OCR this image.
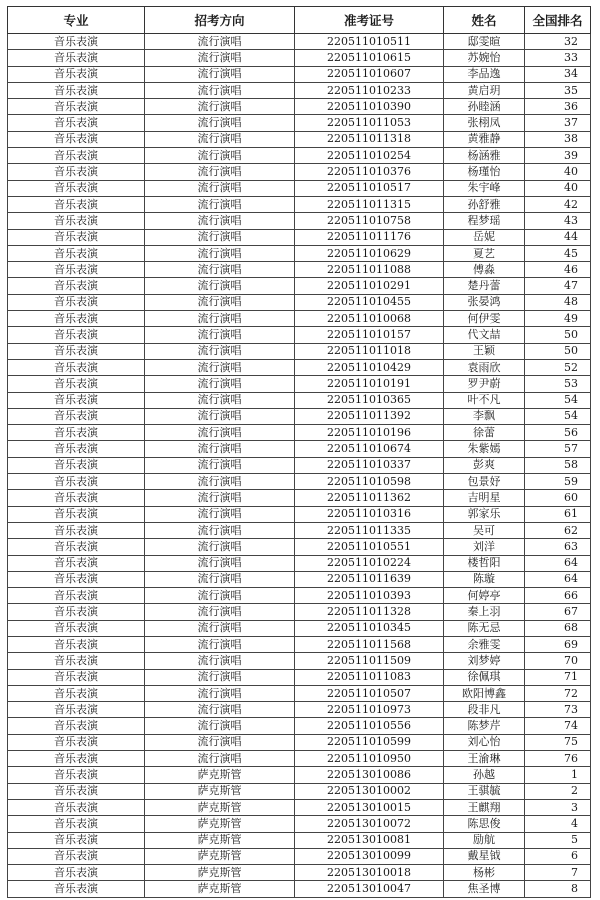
专业	招考方向	准考证号	姓名	全国排名
音乐表演	流行演唱	220511010511	邸雯暄	32
音乐表演	流行演唱	220511010615	苏婉怡	33
音乐表演	流行演唱	220511010607	李品逸	34
音乐表演	流行演唱	220511010233	黄启玥	35
音乐表演	流行演唱	220511010390	孙睦涵	36
音乐表演	流行演唱	220511011053	张栩凤	37
音乐表演	流行演唱	220511011318	黄雅静	38
音乐表演	流行演唱	220511010254	杨涵雅	39
音乐表演	流行演唱	220511010376	杨瑾怡	40
音乐表演	流行演唱	220511010517	朱宇峰	40
音乐表演	流行演唱	220511011315	孙舒雅	42
音乐表演	流行演唱	220511010758	程梦瑶	43
音乐表演	流行演唱	220511011176	岳妮	44
音乐表演	流行演唱	220511010629	夏艺	45
音乐表演	流行演唱	220511011088	傅淼	46
音乐表演	流行演唱	220511010291	楚丹蕾	47
音乐表演	流行演唱	220511010455	张晏鸿	48
音乐表演	流行演唱	220511010068	何伊雯	49
音乐表演	流行演唱	220511010157	代文喆	50
音乐表演	流行演唱	220511011018	王颖	50
音乐表演	流行演唱	220511010429	袁雨欣	52
音乐表演	流行演唱	220511010191	罗尹蔚	53
音乐表演	流行演唱	220511010365	叶不凡	54
音乐表演	流行演唱	220511011392	李飘	54
音乐表演	流行演唱	220511010196	徐蕾	56
音乐表演	流行演唱	220511010674	朱紫嫣	57
音乐表演	流行演唱	220511010337	彭爽	58
音乐表演	流行演唱	220511010598	包景妤	59
音乐表演	流行演唱	220511011362	吉明星	60
音乐表演	流行演唱	220511010316	郭家乐	61
音乐表演	流行演唱	220511011335	吴可	62
音乐表演	流行演唱	220511010551	刘洋	63
音乐表演	流行演唱	220511010224	楼哲阳	64
音乐表演	流行演唱	220511011639	陈璇	64
音乐表演	流行演唱	220511010393	何婷亭	66
音乐表演	流行演唱	220511011328	秦上羽	67
音乐表演	流行演唱	220511010345	陈无忌	68
音乐表演	流行演唱	220511011568	余雅雯	69
音乐表演	流行演唱	220511011509	刘梦婷	70
音乐表演	流行演唱	220511011083	徐佩琪	71
音乐表演	流行演唱	220511010507	欧阳博鑫	72
音乐表演	流行演唱	220511010973	段非凡	73
音乐表演	流行演唱	220511010556	陈梦芹	74
音乐表演	流行演唱	220511010599	刘心怡	75
音乐表演	流行演唱	220511010950	王渝琳	76
音乐表演	萨克斯管	220513010086	孙越	1
音乐表演	萨克斯管	220513010002	王骐毓	2
音乐表演	萨克斯管	220513010015	王麒翔	3
音乐表演	萨克斯管	220513010072	陈思俊	4
音乐表演	萨克斯管	220513010081	励航	5
音乐表演	萨克斯管	220513010099	戴星钺	6
音乐表演	萨克斯管	220513010018	杨彬	7
音乐表演	萨克斯管	220513010047	焦圣博	8
